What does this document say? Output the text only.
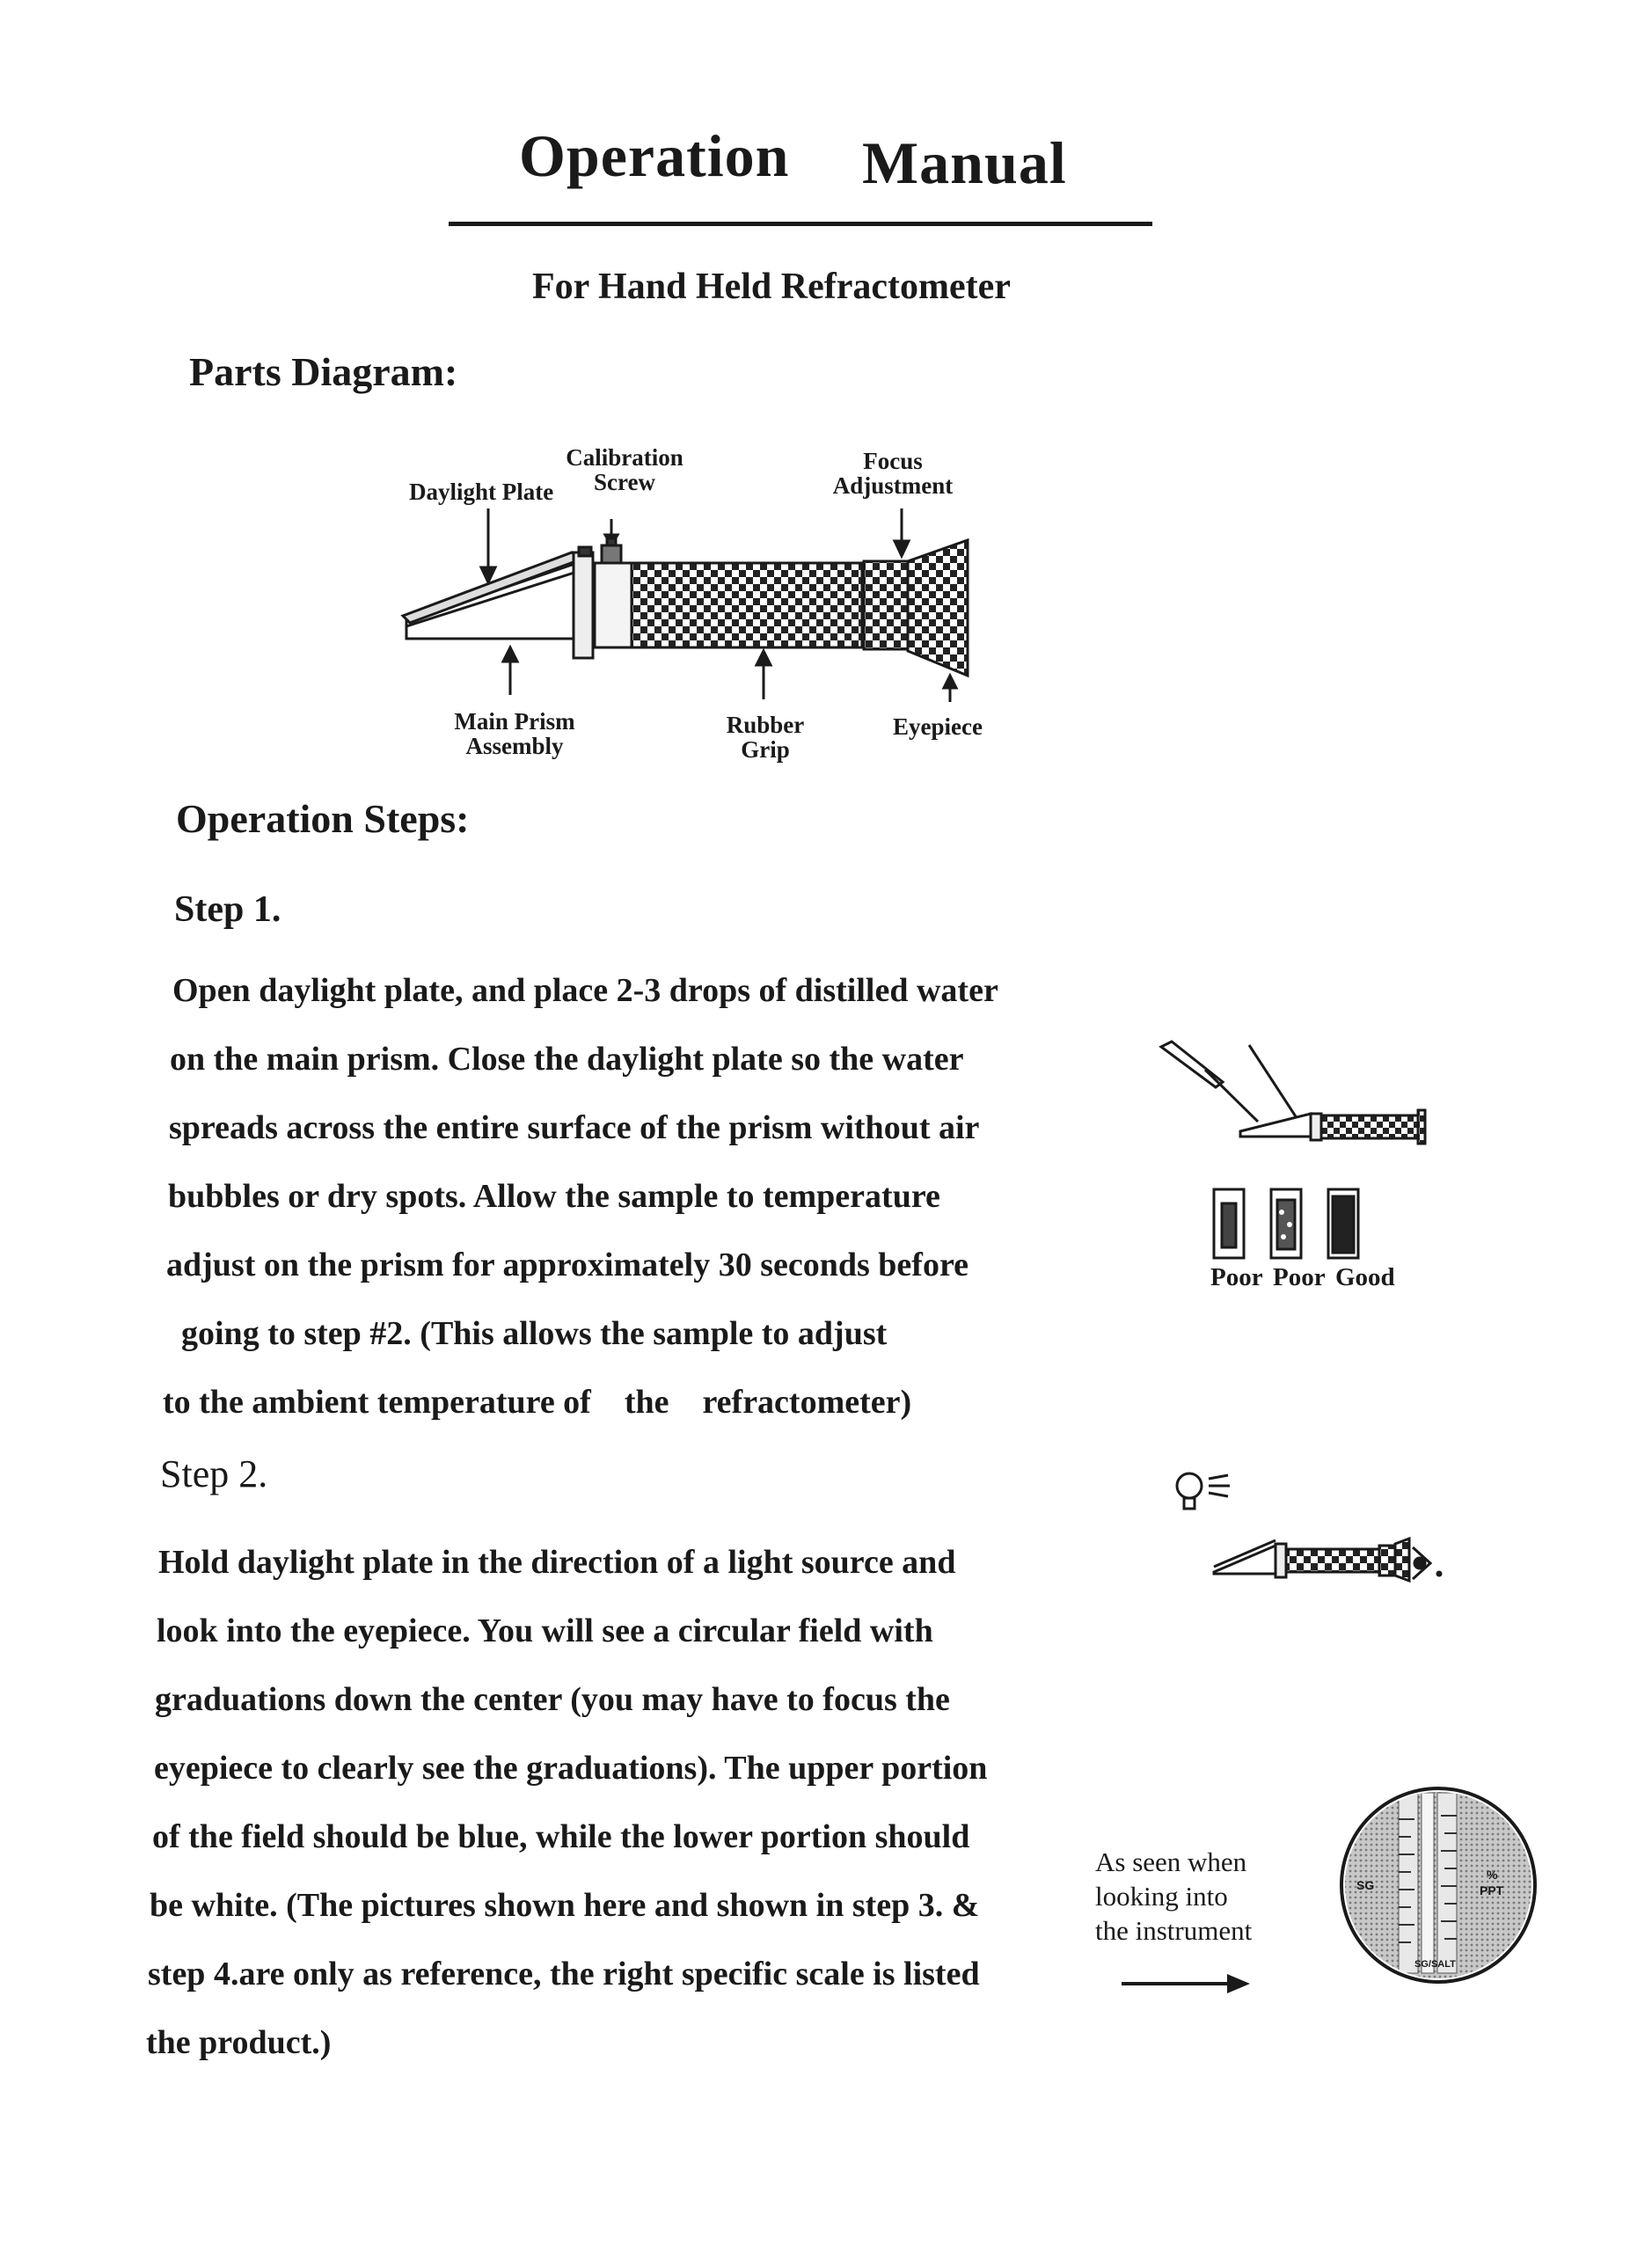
Operation Manual
For Hand Held Refractometer
Parts Diagram:
Calibration
Screw
Daylight Plate
Focus
Adjustment
Main Prism
Assembly
Rubber
Grip
Eyepiece
Operation Steps:
Step 1.
Open daylight plate, and place 2-3 drops of distilled water
on the main prism. Close the daylight plate so the water
spreads across the entire surface of the prism without air
bubbles or dry spots. Allow the sample to temperature
adjust on the prism for approximately 30 seconds before
going to step #2. (This allows the sample to adjust
to the ambient temperature of    the    refractometer)
Poor Poor Good
Step 2.
Hold daylight plate in the direction of a light source and
look into the eyepiece. You will see a circular field with
graduations down the center (you may have to focus the
eyepiece to clearly see the graduations). The upper portion
of the field should be blue, while the lower portion should
be white. (The pictures shown here and shown in step 3. &
step 4.are only as reference, the right specific scale is listed
the product.)
As seen when
looking into
the instrument
SG
%
PPT
SG/SALT
